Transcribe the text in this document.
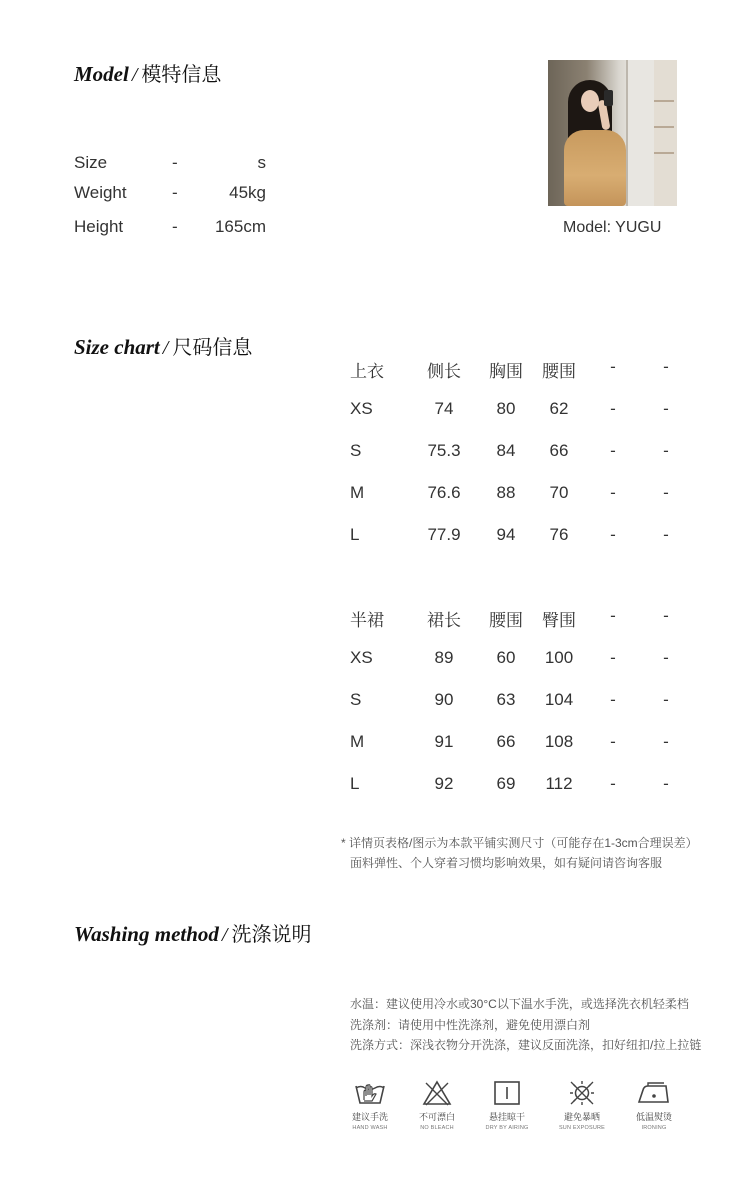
Model / 模特信息
Size	-	s
Weight	-	45kg
Height	- 165cm	Model: YUGU
Size chart / 尺码信息
上衣	侧长	胸围	腰围	-	-
XS	74	80	62	-	-
S	75.3	84	66	-	-
M	76.6	88	70	-	-
L	77.9	94	76	-	-
半裙	裙长	腰围	臀围	-	-
XS	89	60	100	-	-
S	90	63	104	-	-
M	91	66	108	-	-
L	92	69	112	-	-
* 详情页表格/图示为本款平铺实测尺寸（可能存在1-3cm合理误差）
面料弹性、个人穿着习惯均影响效果，如有疑问请咨询客服
Washing method / 洗涤说明
水温：建议使用冷水或30°C以下温水手洗，或选择洗衣机轻柔档
洗涤剂：请使用中性洗涤剂，避免使用漂白剂
洗涤方式：深浅衣物分开洗涤，建议反面洗涤，扣好纽扣/拉上拉链
建议手洗
HAND WASH
不可漂白
NO BLEACH
悬挂晾干
DRY BY AIRING
避免暴晒
SUN EXPOSURE
低温熨烫
IRONING
